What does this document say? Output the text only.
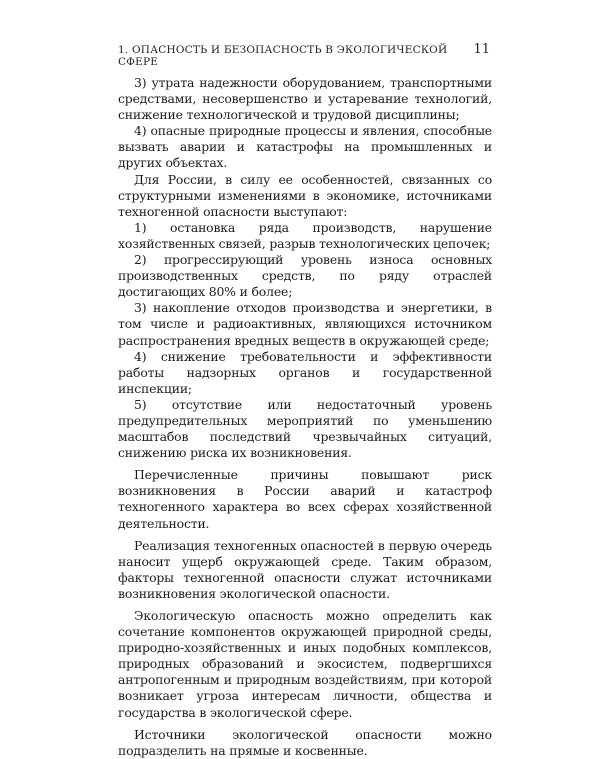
1. ОПАСНОСТЬ И БЕЗОПАСНОСТЬ В ЭКОЛОГИЧЕСКОЙ СФЕРЕ
11

3) утрата надежности оборудованием, транспортными средствами, несовершенство и устаревание технологий, снижение технологической и трудовой дисциплины;

4) опасные природные процессы и явления, способные вызвать аварии и катастрофы на промышленных и других объектах.

Для России, в силу ее особенностей, связанных со структурными изменениями в экономике, источниками техногенной опасности выступают:

1) остановка ряда производств, нарушение хозяйственных связей, разрыв технологических цепочек;

2) прогрессирующий уровень износа основных производственных средств, по ряду отраслей достигающих 80% и более;

3) накопление отходов производства и энергетики, в том числе и радиоактивных, являющихся источником распространения вредных веществ в окружающей среде;

4) снижение требовательности и эффективности работы надзорных органов и государственной инспекции;

5) отсутствие или недостаточный уровень предупредительных мероприятий по уменьшению масштабов последствий чрезвычайных ситуаций, снижению риска их возникновения.

Перечисленные причины повышают риск возникновения в России аварий и катастроф техногенного характера во всех сферах хозяйственной деятельности.

Реализация техногенных опасностей в первую очередь наносит ущерб окружающей среде. Таким образом, факторы техногенной опасности служат источниками возникновения экологической опасности.

Экологическую опасность можно определить как сочетание компонентов окружающей природной среды, природно-хозяйственных и иных подобных комплексов, природных образований и экосистем, подвергшихся антропогенным и природным воздействиям, при которой возникает угроза интересам личности, общества и государства в экологической сфере.

Источники экологической опасности можно подразделить на прямые и косвенные.
